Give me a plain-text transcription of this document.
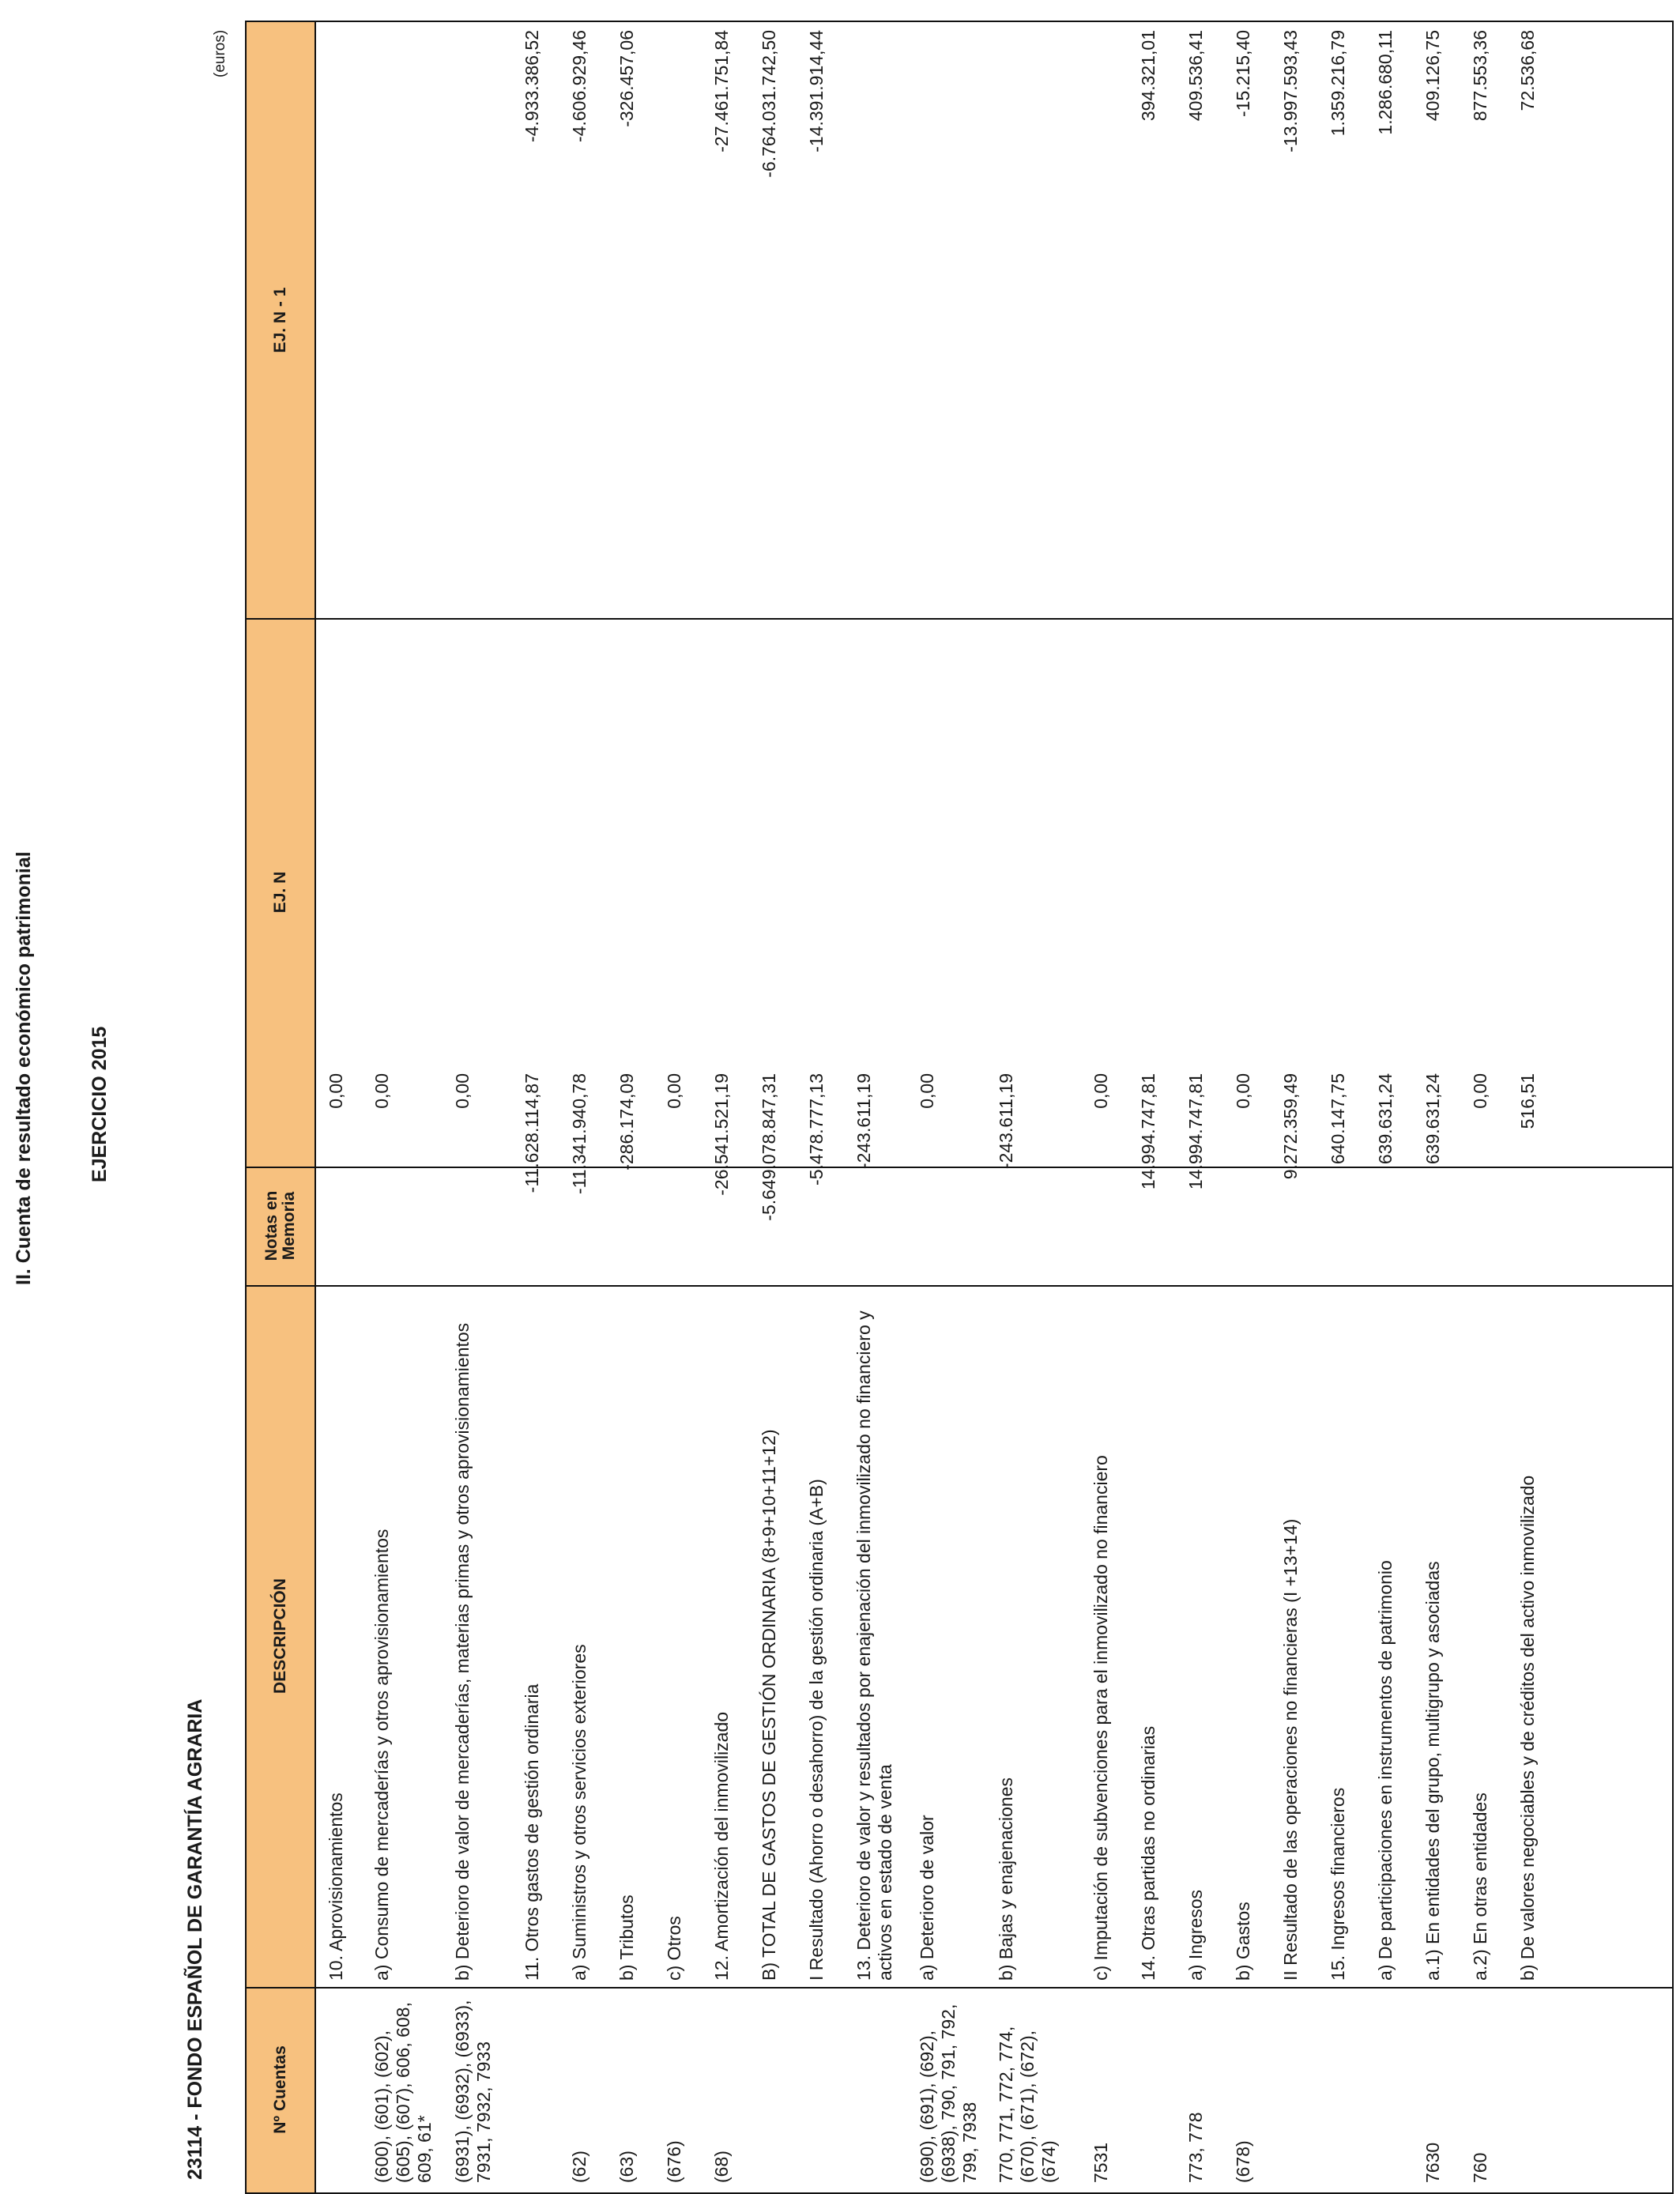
II. Cuenta de resultado económico patrimonial	EJERCICIO 2015
23114 - FONDO ESPAÑOL DE GARANTÍA AGRARIA
(euros)
Nº Cuentas
DESCRIPCIÓN
Notas en Memoria
EJ. N
EJ. N - 1
10. Aprovisionamientos
0,00
(600), (601), (602), (605), (607), 606, 608, 609, 61*
a) Consumo de mercaderías y otros aprovisionamientos
0,00
(6931), (6932), (6933), 7931, 7932, 7933
b) Deterioro de valor de mercaderías, materias primas y otros aprovisionamientos
0,00
11. Otros gastos de gestión ordinaria
-11.628.114,87
-4.933.386,52
(62)
a) Suministros y otros servicios exteriores
-11.341.940,78
-4.606.929,46
(63)
b) Tributos
-286.174,09
-326.457,06
(676)
c) Otros
0,00
(68)
12. Amortización del inmovilizado
-26.541.521,19
-27.461.751,84
B) TOTAL DE GASTOS DE GESTIÓN ORDINARIA (8+9+10+11+12)
-5.649.078.847,31
-6.764.031.742,50
I Resultado (Ahorro o desahorro) de la gestión ordinaria (A+B)
-5.478.777,13
-14.391.914,44
13. Deterioro de valor y resultados por enajenación del inmovilizado no financiero y activos en estado de venta
-243.611,19
(690), (691), (692), (6938), 790, 791, 792, 799, 7938
a) Deterioro de valor
0,00
770, 771, 772, 774, (670), (671), (672), (674)
b) Bajas y enajenaciones
-243.611,19
7531
c) Imputación de subvenciones para el inmovilizado no financiero
0,00
14. Otras partidas no ordinarias
14.994.747,81
394.321,01
773, 778
a) Ingresos
14.994.747,81
409.536,41
(678)
b) Gastos
0,00
-15.215,40
II Resultado de las operaciones no financieras (I +13+14)
9.272.359,49
-13.997.593,43
15. Ingresos financieros
640.147,75
1.359.216,79
a) De participaciones en instrumentos de patrimonio
639.631,24
1.286.680,11
7630
a.1) En entidades del grupo, multigrupo y asociadas
639.631,24
409.126,75
760
a.2) En otras entidades
0,00
877.553,36
b) De valores negociables y de créditos del activo inmovilizado
516,51
72.536,68
